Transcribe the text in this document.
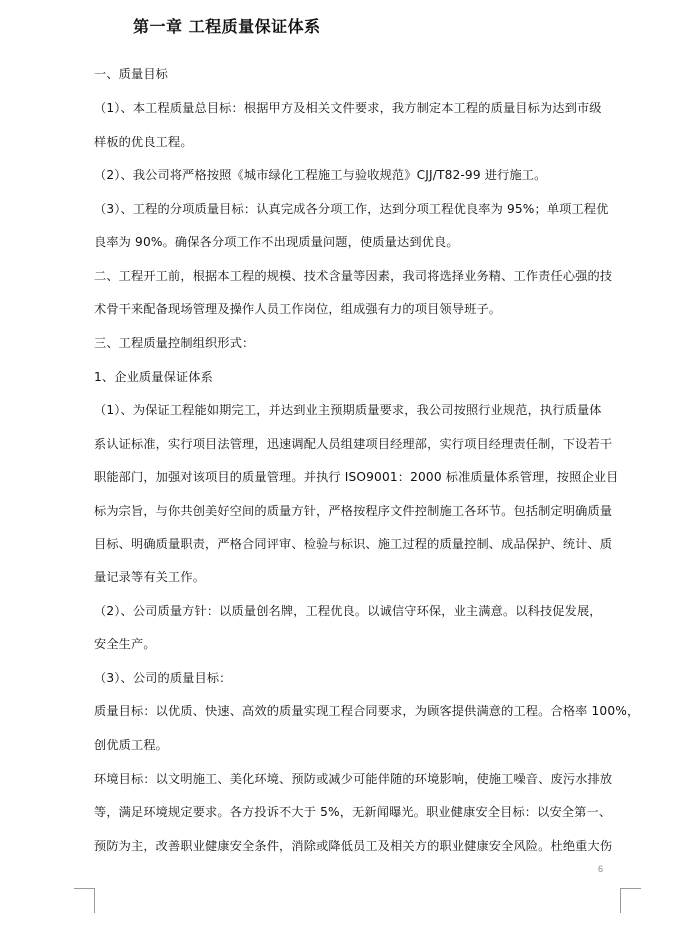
第一章 工程质量保证体系
一、质量目标
（1）、本工程质量总目标：根据甲方及相关文件要求，我方制定本工程的质量目标为达到市级
样板的优良工程。
（2）、我公司将严格按照《城市绿化工程施工与验收规范》CJJ/T82-99 进行施工。
（3）、工程的分项质量目标：认真完成各分项工作，达到分项工程优良率为 95%；单项工程优
良率为 90%。确保各分项工作不出现质量问题，使质量达到优良。
二、工程开工前，根据本工程的规模、技术含量等因素，我司将选择业务精、工作责任心强的技
术骨干来配备现场管理及操作人员工作岗位，组成强有力的项目领导班子。
三、工程质量控制组织形式：
1、企业质量保证体系
（1）、为保证工程能如期完工，并达到业主预期质量要求，我公司按照行业规范，执行质量体
系认证标准，实行项目法管理，迅速调配人员组建项目经理部，实行项目经理责任制，下设若干
职能部门，加强对该项目的质量管理。并执行 ISO9001：2000 标准质量体系管理，按照企业目
标为宗旨，与你共创美好空间的质量方针，严格按程序文件控制施工各环节。包括制定明确质量
目标、明确质量职责，严格合同评审、检验与标识、施工过程的质量控制、成品保护、统计、质
量记录等有关工作。
（2）、公司质量方针：以质量创名牌，工程优良。以诚信守环保，业主满意。以科技促发展，
安全生产。
（3）、公司的质量目标：
质量目标：以优质、快速、高效的质量实现工程合同要求，为顾客提供满意的工程。合格率 100%，
创优质工程。
环境目标：以文明施工、美化环境、预防或减少可能伴随的环境影响，使施工噪音、废污水排放
等，满足环境规定要求。各方投诉不大于 5%，无新闻曝光。职业健康安全目标：以安全第一、
预防为主，改善职业健康安全条件，消除或降低员工及相关方的职业健康安全风险。杜绝重大伤
6
